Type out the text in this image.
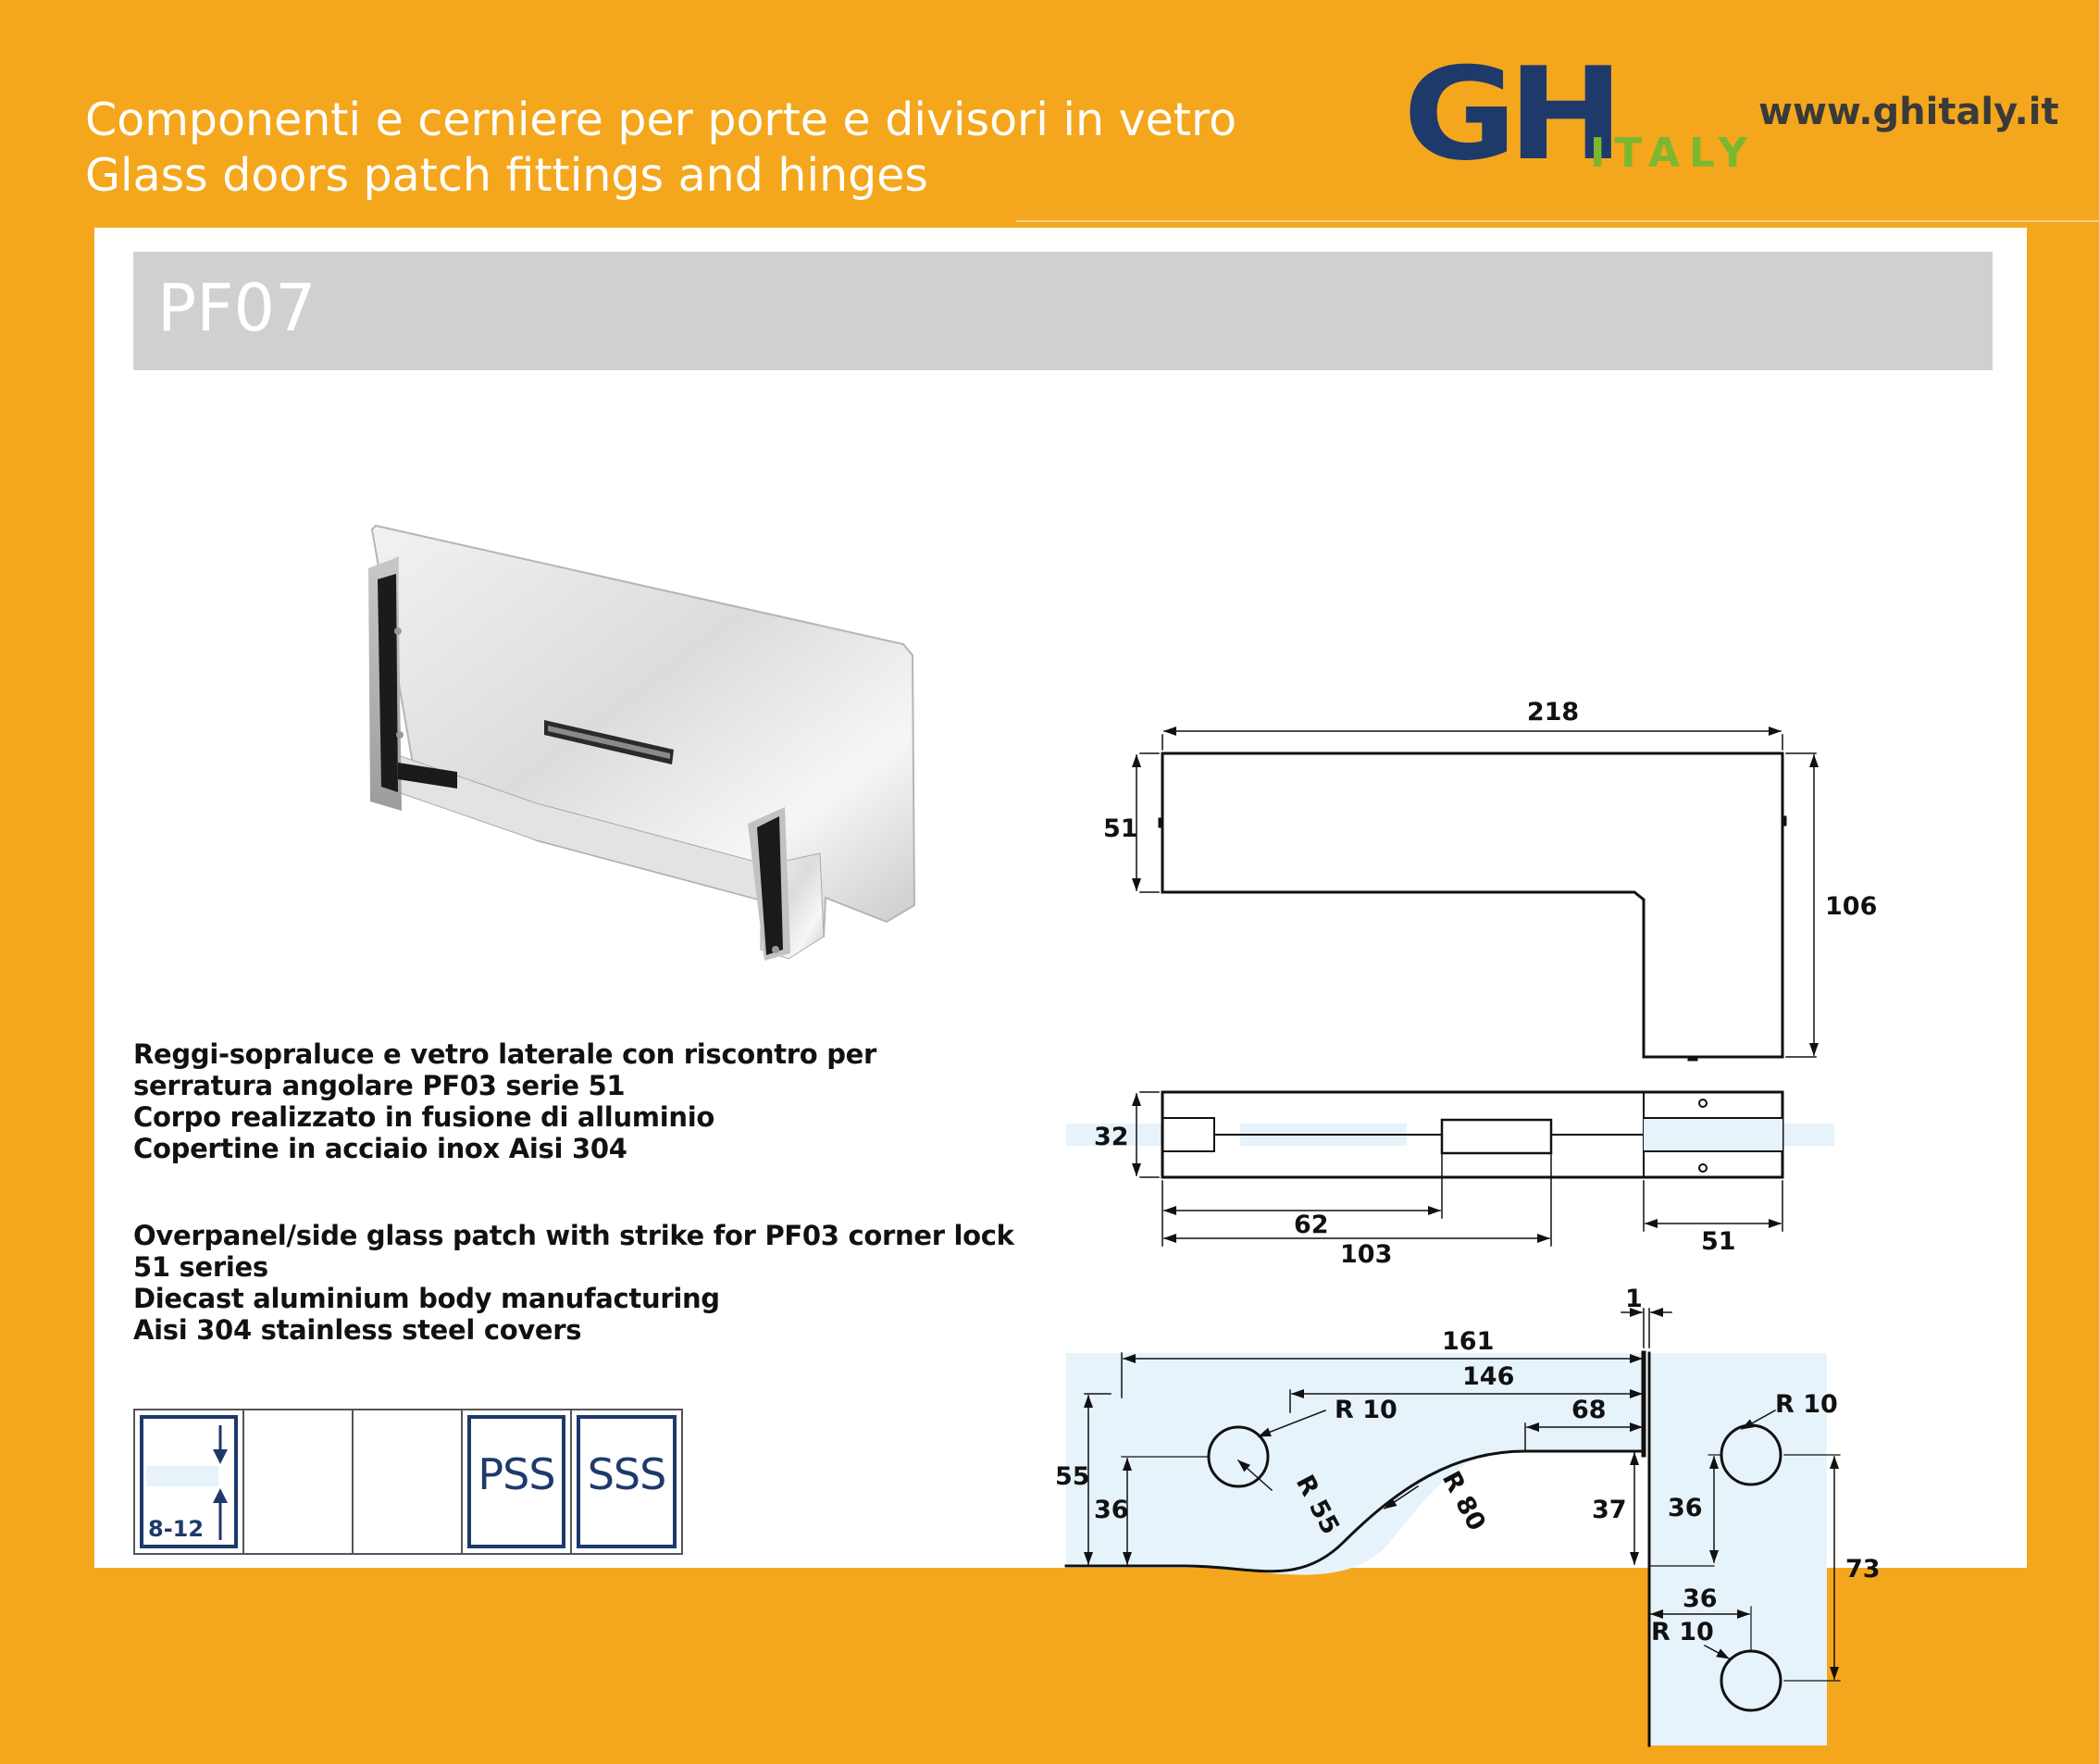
Componenti e cerniere per porte e divisori in vetro
Glass doors patch fittings and hinges	GH
ITALY
www.ghitaly.it
PF07
Reggi-sopraluce e vetro laterale con riscontro per
serratura angolare PF03 serie 51
Corpo realizzato in fusione di alluminio
Copertine in acciaio inox Aisi 304
Overpanel/side glass patch with strike for PF03 corner lock
51 series
Diecast aluminium body manufacturing
Aisi 304 stainless steel covers
8-12
PSS SSS
218
51
106
32
62
103	51
1
161
146
68
R 10
R 55	R 80
55
36	37
R 10
36
73
36
R 10
